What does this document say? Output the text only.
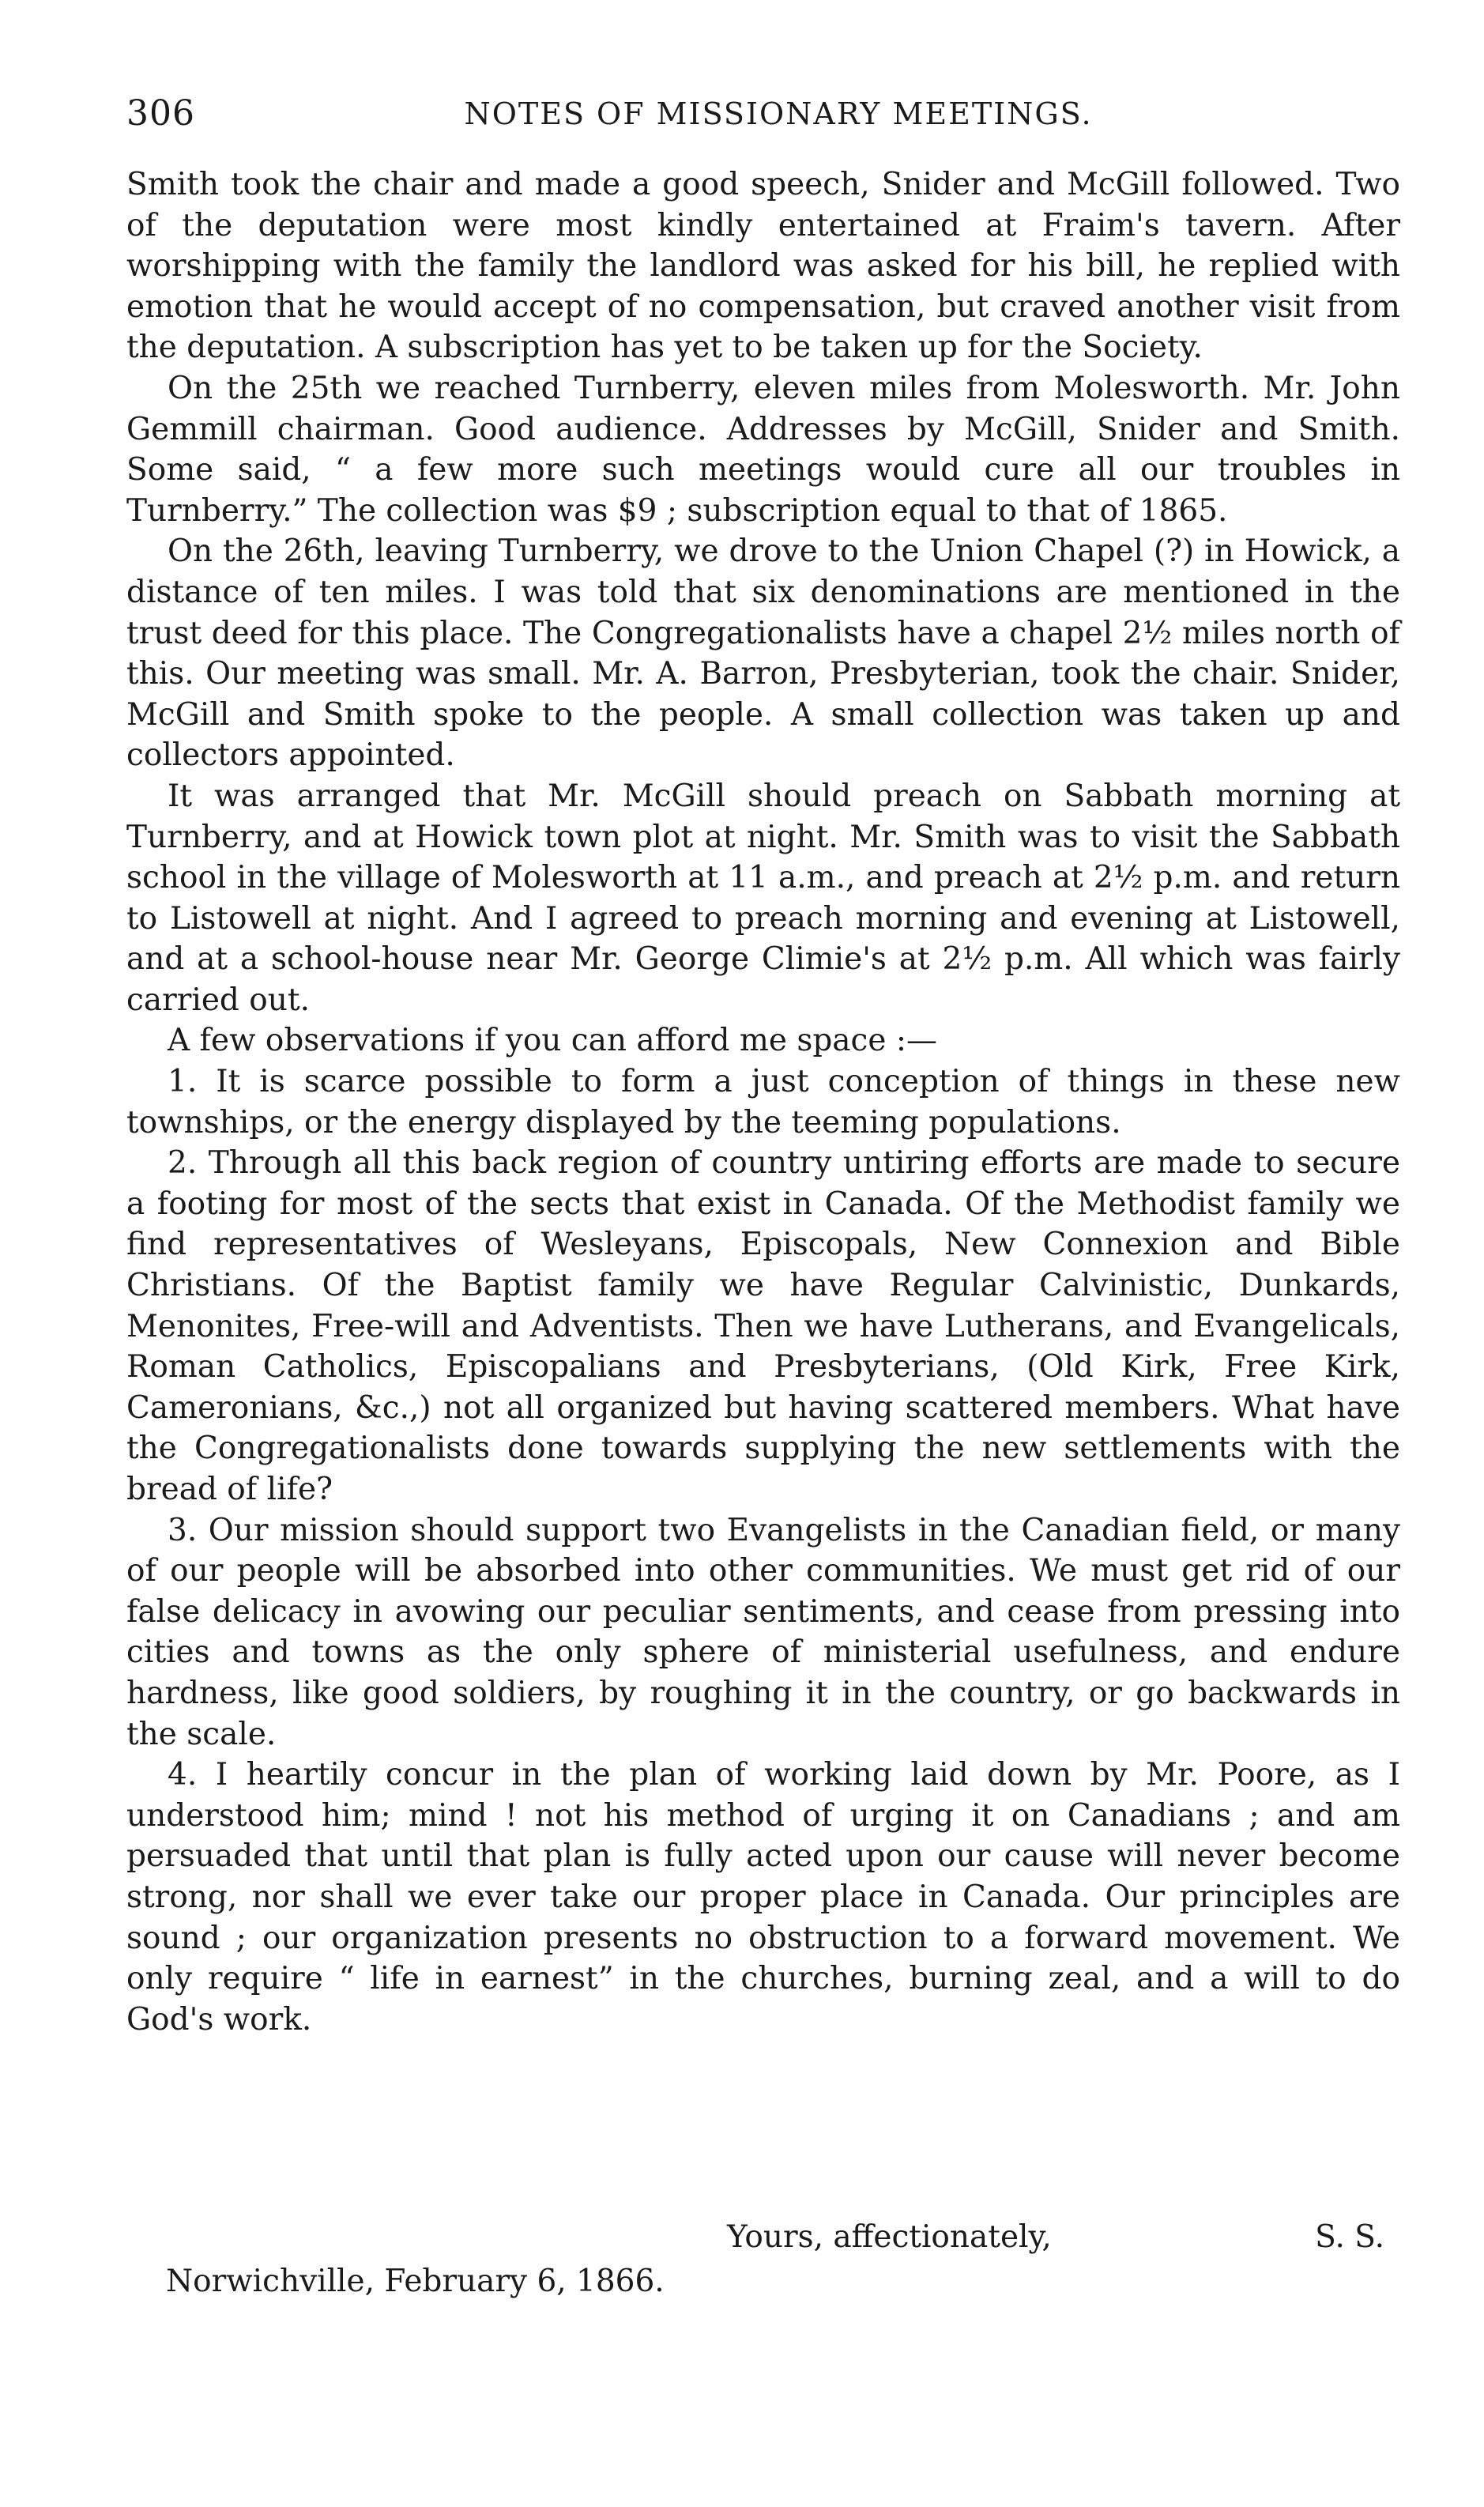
306	NOTES OF MISSIONARY MEETINGS.

Smith took the chair and made a good speech, Snider and McGill followed. Two of the deputation were most kindly entertained at Fraim's tavern. After worshipping with the family the landlord was asked for his bill, he replied with emotion that he would accept of no compensation, but craved another visit from the deputation. A subscription has yet to be taken up for the Society.

On the 25th we reached Turnberry, eleven miles from Molesworth. Mr. John Gemmill chairman. Good audience. Addresses by McGill, Snider and Smith. Some said, “ a few more such meetings would cure all our troubles in Turnberry.” The collection was $9 ; subscription equal to that of 1865.

On the 26th, leaving Turnberry, we drove to the Union Chapel (?) in Howick, a distance of ten miles. I was told that six denominations are mentioned in the trust deed for this place. The Congregationalists have a chapel 2½ miles north of this. Our meeting was small. Mr. A. Barron, Presbyterian, took the chair. Snider, McGill and Smith spoke to the people. A small collection was taken up and collectors appointed.

It was arranged that Mr. McGill should preach on Sabbath morning at Turnberry, and at Howick town plot at night. Mr. Smith was to visit the Sabbath school in the village of Molesworth at 11 a.m., and preach at 2½ p.m. and return to Listowell at night. And I agreed to preach morning and evening at Listowell, and at a school-house near Mr. George Climie's at 2½ p.m. All which was fairly carried out.

A few observations if you can afford me space :—

1. It is scarce possible to form a just conception of things in these new townships, or the energy displayed by the teeming populations.

2. Through all this back region of country untiring efforts are made to secure a footing for most of the sects that exist in Canada. Of the Methodist family we find representatives of Wesleyans, Episcopals, New Connexion and Bible Christians. Of the Baptist family we have Regular Calvinistic, Dunkards, Menonites, Free-will and Adventists. Then we have Lutherans, and Evangelicals, Roman Catholics, Episcopalians and Presbyterians, (Old Kirk, Free Kirk, Cameronians, &c.,) not all organized but having scattered members. What have the Congregationalists done towards supplying the new settlements with the bread of life?

3. Our mission should support two Evangelists in the Canadian field, or many of our people will be absorbed into other communities. We must get rid of our false delicacy in avowing our peculiar sentiments, and cease from pressing into cities and towns as the only sphere of ministerial usefulness, and endure hardness, like good soldiers, by roughing it in the country, or go backwards in the scale.

4. I heartily concur in the plan of working laid down by Mr. Poore, as I understood him; mind ! not his method of urging it on Canadians ; and am persuaded that until that plan is fully acted upon our cause will never become strong, nor shall we ever take our proper place in Canada. Our principles are sound ; our organization presents no obstruction to a forward movement. We only require “ life in earnest” in the churches, burning zeal, and a will to do God's work.

Yours, affectionately,	S. S.
Norwichville, February 6, 1866.
